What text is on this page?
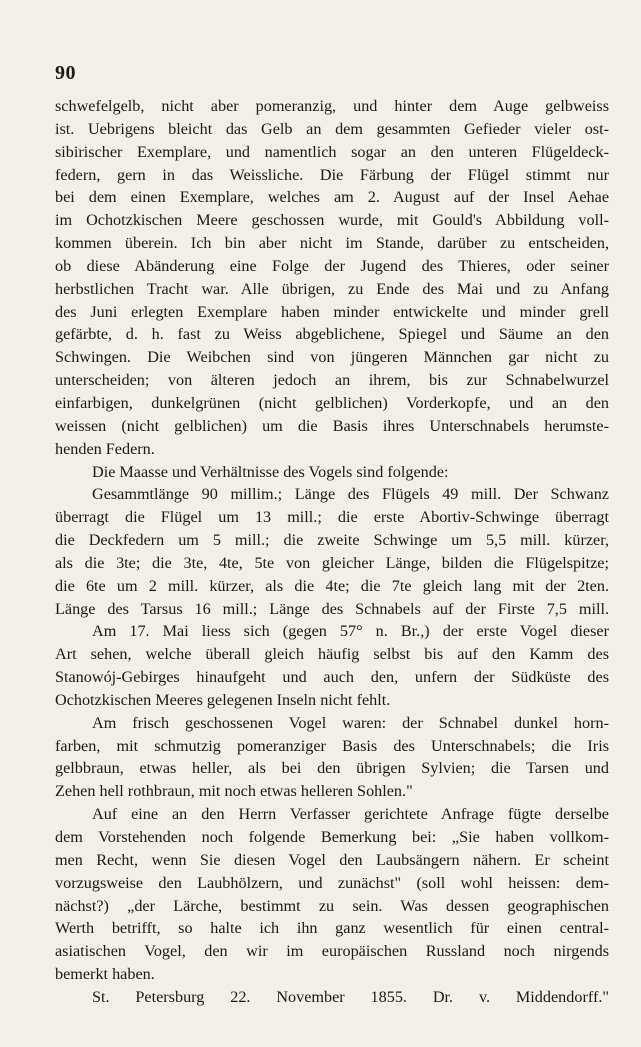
90
schwefelgelb, nicht aber pomeranzig, und hinter dem Auge gelbweiss
ist. Uebrigens bleicht das Gelb an dem gesammten Gefieder vieler ost-
sibirischer Exemplare, und namentlich sogar an den unteren Flügeldeck-
federn, gern in das Weissliche. Die Färbung der Flügel stimmt nur
bei dem einen Exemplare, welches am 2. August auf der Insel Aehae
im Ochotzkischen Meere geschossen wurde, mit Gould's Abbildung voll-
kommen überein. Ich bin aber nicht im Stande, darüber zu entscheiden,
ob diese Abänderung eine Folge der Jugend des Thieres, oder seiner
herbstlichen Tracht war. Alle übrigen, zu Ende des Mai und zu Anfang
des Juni erlegten Exemplare haben minder entwickelte und minder grell
gefärbte, d. h. fast zu Weiss abgeblichene, Spiegel und Säume an den
Schwingen. Die Weibchen sind von jüngeren Männchen gar nicht zu
unterscheiden; von älteren jedoch an ihrem, bis zur Schnabelwurzel
einfarbigen, dunkelgrünen (nicht gelblichen) Vorderkopfe, und an den
weissen (nicht gelblichen) um die Basis ihres Unterschnabels herumste-
henden Federn.
Die Maasse und Verhältnisse des Vogels sind folgende:
Gesammtlänge 90 millim.; Länge des Flügels 49 mill. Der Schwanz
überragt die Flügel um 13 mill.; die erste Abortiv-Schwinge überragt
die Deckfedern um 5 mill.; die zweite Schwinge um 5,5 mill. kürzer,
als die 3te; die 3te, 4te, 5te von gleicher Länge, bilden die Flügelspitze;
die 6te um 2 mill. kürzer, als die 4te; die 7te gleich lang mit der 2ten.
Länge des Tarsus 16 mill.; Länge des Schnabels auf der Firste 7,5 mill.
Am 17. Mai liess sich (gegen 57° n. Br.,) der erste Vogel dieser
Art sehen, welche überall gleich häufig selbst bis auf den Kamm des
Stanowój-Gebirges hinaufgeht und auch den, unfern der Südküste des
Ochotzkischen Meeres gelegenen Inseln nicht fehlt.
Am frisch geschossenen Vogel waren: der Schnabel dunkel horn-
farben, mit schmutzig pomeranziger Basis des Unterschnabels; die Iris
gelbbraun, etwas heller, als bei den übrigen Sylvien; die Tarsen und
Zehen hell rothbraun, mit noch etwas helleren Sohlen."
Auf eine an den Herrn Verfasser gerichtete Anfrage fügte derselbe
dem Vorstehenden noch folgende Bemerkung bei: „Sie haben vollkom-
men Recht, wenn Sie diesen Vogel den Laubsängern nähern. Er scheint
vorzugsweise den Laubhölzern, und zunächst" (soll wohl heissen: dem-
nächst?) „der Lärche, bestimmt zu sein. Was dessen geographischen
Werth betrifft, so halte ich ihn ganz wesentlich für einen central-
asiatischen Vogel, den wir im europäischen Russland noch nirgends
bemerkt haben.
St. Petersburg 22. November 1855. Dr. v. Middendorff."
